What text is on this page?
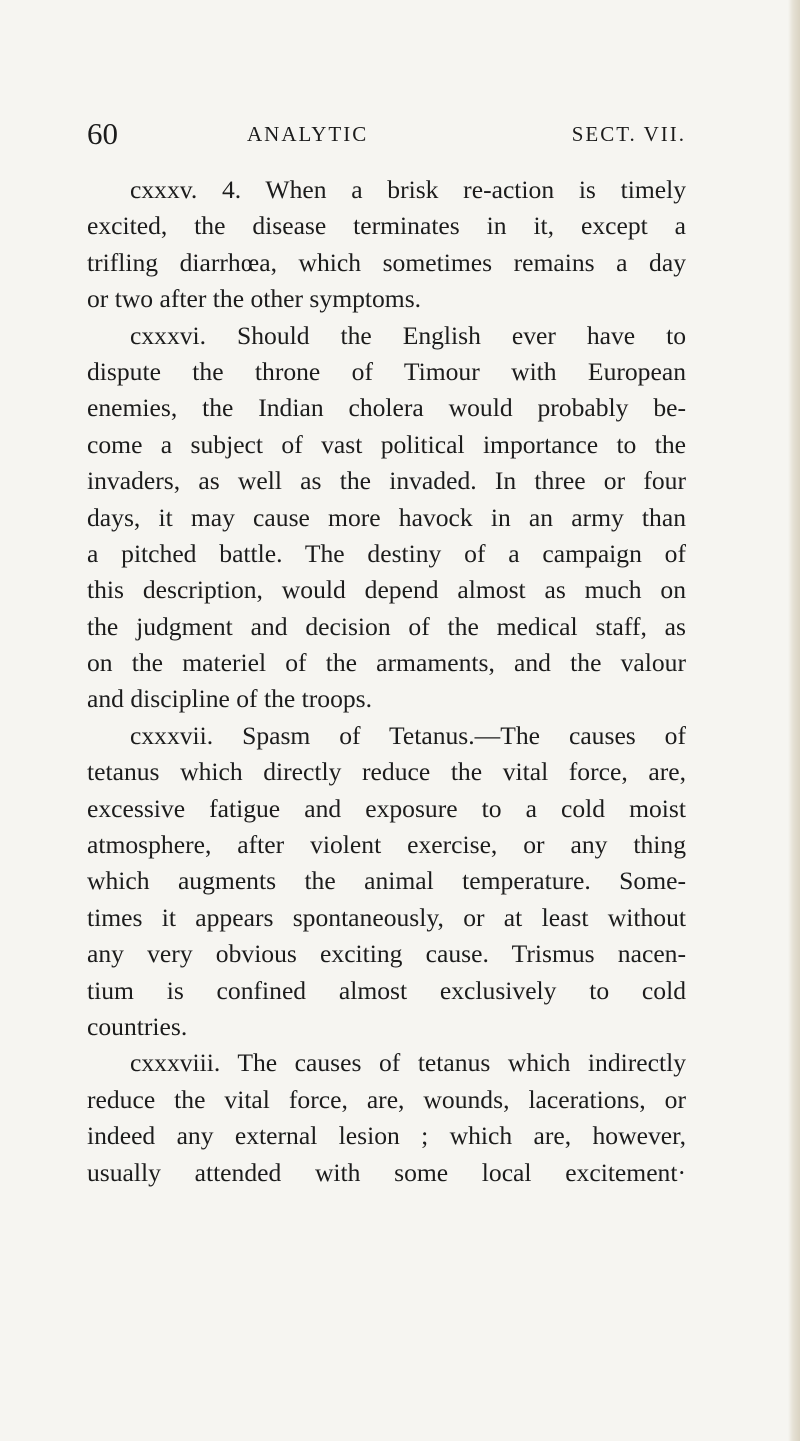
60	ANALYTIC	SECT. VII.
cxxxv. 4. When a brisk re-action is timely
excited, the disease terminates in it, except a
trifling diarrhœa, which sometimes remains a day
or two after the other symptoms.
cxxxvi. Should the English ever have to
dispute the throne of Timour with European
enemies, the Indian cholera would probably be-
come a subject of vast political importance to the
invaders, as well as the invaded. In three or four
days, it may cause more havock in an army than
a pitched battle. The destiny of a campaign of
this description, would depend almost as much on
the judgment and decision of the medical staff, as
on the materiel of the armaments, and the valour
and discipline of the troops.
cxxxvii. Spasm of Tetanus.—The causes of
tetanus which directly reduce the vital force, are,
excessive fatigue and exposure to a cold moist
atmosphere, after violent exercise, or any thing
which augments the animal temperature. Some-
times it appears spontaneously, or at least without
any very obvious exciting cause. Trismus nacen-
tium is confined almost exclusively to cold
countries.
cxxxviii. The causes of tetanus which indirectly
reduce the vital force, are, wounds, lacerations, or
indeed any external lesion ; which are, however,
usually attended with some local excitement·
